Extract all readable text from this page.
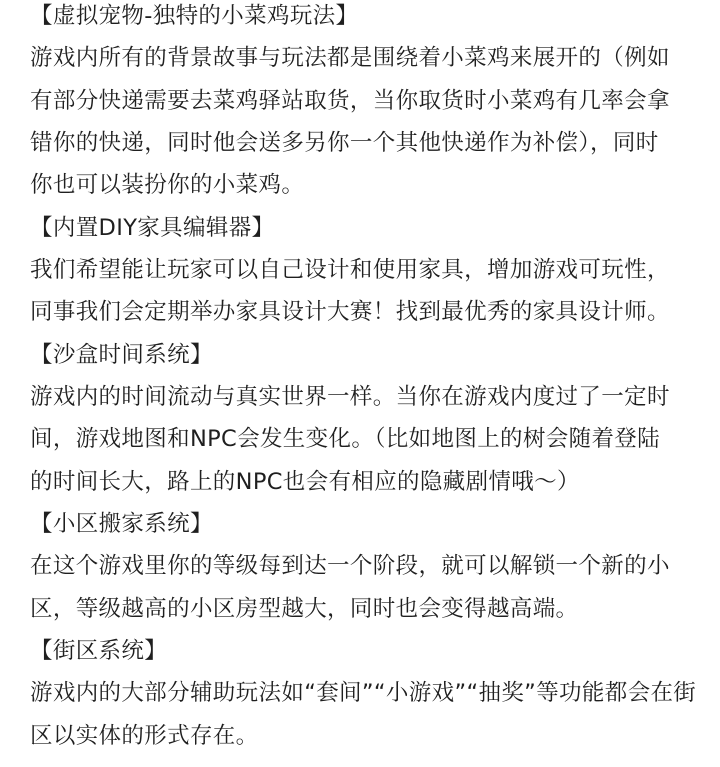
【虚拟宠物-独特的小菜鸡玩法】
游戏内所有的背景故事与玩法都是围绕着小菜鸡来展开的（例如
有部分快递需要去菜鸡驿站取货，当你取货时小菜鸡有几率会拿
错你的快递，同时他会送多另你一个其他快递作为补偿），同时
你也可以装扮你的小菜鸡。
【内置DIY家具编辑器】
我们希望能让玩家可以自己设计和使用家具，增加游戏可玩性，
同事我们会定期举办家具设计大赛！找到最优秀的家具设计师。
【沙盒时间系统】
游戏内的时间流动与真实世界一样。当你在游戏内度过了一定时
间，游戏地图和NPC会发生变化。（比如地图上的树会随着登陆
的时间长大，路上的NPC也会有相应的隐藏剧情哦～）
【小区搬家系统】
在这个游戏里你的等级每到达一个阶段，就可以解锁一个新的小
区，等级越高的小区房型越大，同时也会变得越高端。
【街区系统】
游戏内的大部分辅助玩法如“套间”“小游戏”“抽奖”等功能都会在街
区以实体的形式存在。
